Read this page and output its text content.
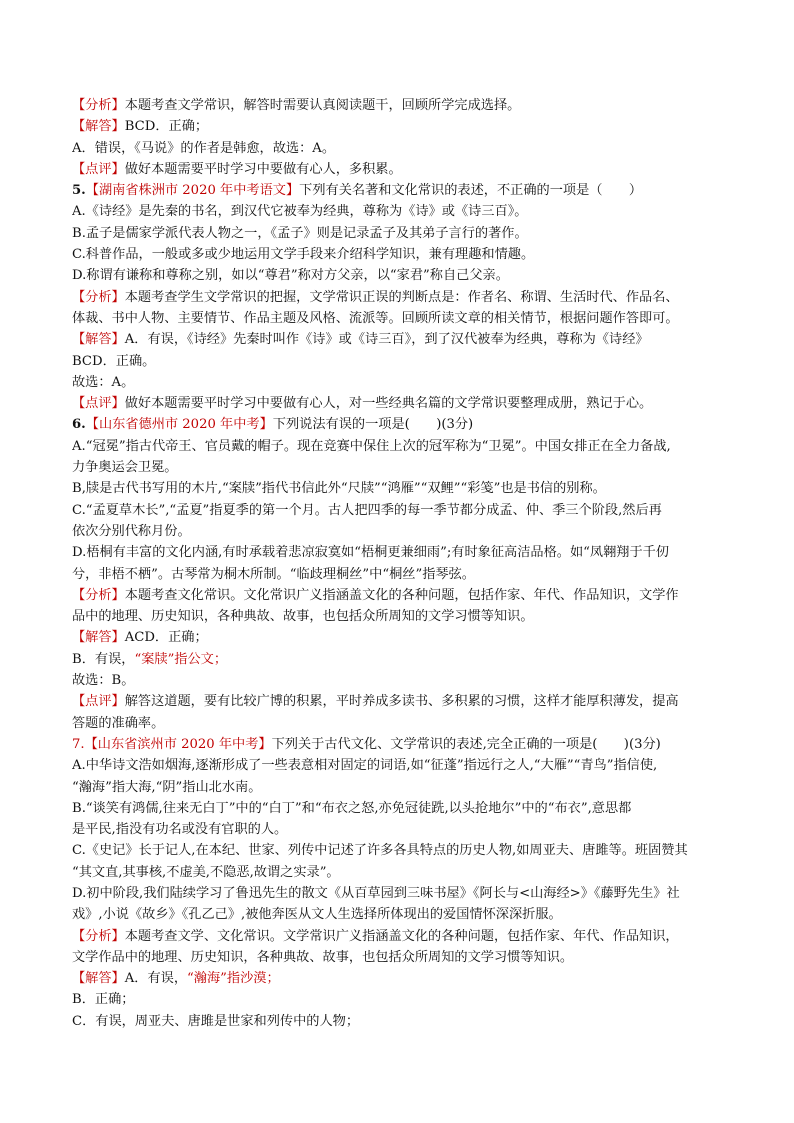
【分析】本题考查文学常识，解答时需要认真阅读题干，回顾所学完成选择。
【解答】BCD．正确；
A．错误，《马说》的作者是韩愈，故选：A。
【点评】做好本题需要平时学习中要做有心人，多积累。
5.【湖南省株洲市 2020 年中考语文】下列有关名著和文化常识的表述，不正确的一项是（　　）
A.《诗经》是先秦的书名，到汉代它被奉为经典，尊称为《诗》或《诗三百》。
B.孟子是儒家学派代表人物之一，《孟子》则是记录孟子及其弟子言行的著作。
C.科普作品，一般或多或少地运用文学手段来介绍科学知识，兼有理趣和情趣。
D.称谓有谦称和尊称之别，如以“尊君”称对方父亲，以“家君”称自己父亲。
【分析】本题考查学生文学常识的把握，文学常识正误的判断点是：作者名、称谓、生活时代、作品名、
体裁、书中人物、主要情节、作品主题及风格、流派等。回顾所读文章的相关情节，根据问题作答即可。
【解答】A．有误，《诗经》先秦时叫作《诗》或《诗三百》，到了汉代被奉为经典，尊称为《诗经》
BCD．正确。
故选：A。
【点评】做好本题需要平时学习中要做有心人，对一些经典名篇的文学常识要整理成册，熟记于心。
6.【山东省德州市 2020 年中考】下列说法有误的一项是(　　)(3分)
A.“冠冕”指古代帝王、官员戴的帽子。现在竞赛中保住上次的冠军称为“卫冕”。中国女排正在全力备战,
力争奥运会卫冕。
B,牍是古代书写用的木片,“案牍”指代书信此外“尺牍”“鸿雁”“双鲤”“彩笺”也是书信的别称。
C.“孟夏草木长”,“孟夏”指夏季的第一个月。古人把四季的每一季节都分成孟、仲、季三个阶段,然后再
依次分别代称月份。
D.梧桐有丰富的文化内涵,有时承载着悲凉寂寞如“梧桐更兼细雨”;有时象征高洁品格。如“凤翱翔于千仞
兮，非梧不栖”。古琴常为桐木所制。“临歧理桐丝”中“桐丝”指琴弦。
【分析】本题考查文化常识。文化常识广义指涵盖文化的各种问题，包括作家、年代、作品知识，文学作
品中的地理、历史知识，各种典故、故事，也包括众所周知的文学习惯等知识。
【解答】ACD．正确；
B．有误，“案牍”指公文；
故选：B。
【点评】解答这道题，要有比较广博的积累，平时养成多读书、多积累的习惯，这样才能厚积薄发，提高
答题的准确率。
7.【山东省滨州市 2020 年中考】下列关于古代文化、文学常识的表述,完全正确的一项是(　　)(3分)
A.中华诗文浩如烟海,逐渐形成了一些表意相对固定的词语,如“征蓬”指远行之人,“大雁”“青鸟”指信使,
“瀚海”指大海,“阴”指山北水南。
B.“谈笑有鸿儒,往来无白丁”中的“白丁”和“布衣之怒,亦免冠徒跣,以头抢地尔”中的“布衣”,意思都
是平民,指没有功名或没有官职的人。
C.《史记》长于记人,在本纪、世家、列传中记述了许多各具特点的历史人物,如周亚夫、唐雎等。班固赞其
“其文直,其事核,不虚美,不隐恶,故谓之实录”。
D.初中阶段,我们陆续学习了鲁迅先生的散文《从百草园到三味书屋》《阿长与<山海经>》《藤野先生》社
戏》,小说《故乡》《孔乙己》,被他奔医从文人生选择所体现出的爱国情怀深深折服。
【分析】本题考查文学、文化常识。文学常识广义指涵盖文化的各种问题，包括作家、年代、作品知识，
文学作品中的地理、历史知识，各种典故、故事，也包括众所周知的文学习惯等知识。
【解答】A．有误，“瀚海”指沙漠；
B．正确；
C．有误，周亚夫、唐雎是世家和列传中的人物；
